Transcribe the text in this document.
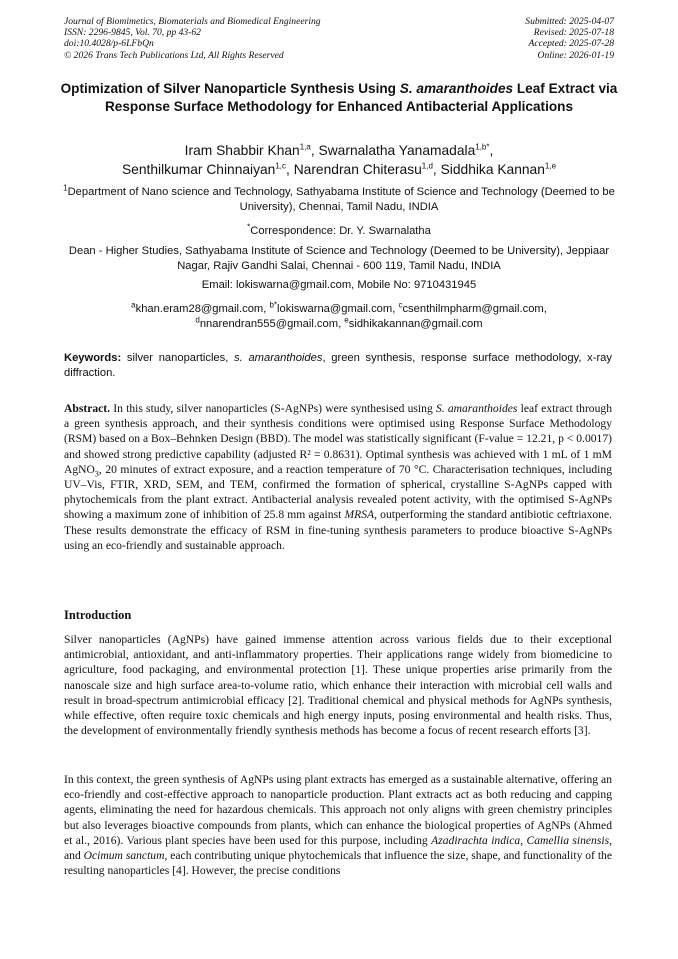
Journal of Biomimetics, Biomaterials and Biomedical Engineering
ISSN: 2296-9845, Vol. 70, pp 43-62
doi:10.4028/p-6LFbQn
© 2026 Trans Tech Publications Ltd, All Rights Reserved
Submitted: 2025-04-07
Revised: 2025-07-18
Accepted: 2025-07-28
Online: 2026-01-19
Optimization of Silver Nanoparticle Synthesis Using S. amaranthoides Leaf Extract via Response Surface Methodology for Enhanced Antibacterial Applications
Iram Shabbir Khan$^{1,a}$, Swarnalatha Yanamadala$^{1,b*}$,
Senthilkumar Chinnaiyan$^{1,c}$, Narendran Chiterasu$^{1,d}$, Siddhika Kannan$^{1,e}$
$^1$Department of Nano science and Technology, Sathyabama Institute of Science and Technology (Deemed to be University), Chennai, Tamil Nadu, INDIA
*Correspondence: Dr. Y. Swarnalatha
Dean - Higher Studies, Sathyabama Institute of Science and Technology (Deemed to be University), Jeppiaar Nagar, Rajiv Gandhi Salai, Chennai - 600 119, Tamil Nadu, INDIA
Email: lokiswarna@gmail.com, Mobile No: 9710431945
$^a$khan.eram28@gmail.com, $^{b*}$lokiswarna@gmail.com, $^c$csenthilmpharm@gmail.com,
$^d$nnarendran555@gmail.com, $^e$sidhikakannan@gmail.com
Keywords: silver nanoparticles, s. amaranthoides, green synthesis, response surface methodology, x-ray diffraction.
Abstract. In this study, silver nanoparticles (S-AgNPs) were synthesised using S. amaranthoides leaf extract through a green synthesis approach, and their synthesis conditions were optimised using Response Surface Methodology (RSM) based on a Box–Behnken Design (BBD). The model was statistically significant (F-value = 12.21, p < 0.0017) and showed strong predictive capability (adjusted R² = 0.8631). Optimal synthesis was achieved with 1 mL of 1 mM AgNO$_3$, 20 minutes of extract exposure, and a reaction temperature of 70 °C. Characterisation techniques, including UV–Vis, FTIR, XRD, SEM, and TEM, confirmed the formation of spherical, crystalline S-AgNPs capped with phytochemicals from the plant extract. Antibacterial analysis revealed potent activity, with the optimised S-AgNPs showing a maximum zone of inhibition of 25.8 mm against MRSA, outperforming the standard antibiotic ceftriaxone. These results demonstrate the efficacy of RSM in fine-tuning synthesis parameters to produce bioactive S-AgNPs using an eco-friendly and sustainable approach.
Introduction
Silver nanoparticles (AgNPs) have gained immense attention across various fields due to their exceptional antimicrobial, antioxidant, and anti-inflammatory properties. Their applications range widely from biomedicine to agriculture, food packaging, and environmental protection [1]. These unique properties arise primarily from the nanoscale size and high surface area-to-volume ratio, which enhance their interaction with microbial cell walls and result in broad-spectrum antimicrobial efficacy [2]. Traditional chemical and physical methods for AgNPs synthesis, while effective, often require toxic chemicals and high energy inputs, posing environmental and health risks. Thus, the development of environmentally friendly synthesis methods has become a focus of recent research efforts [3].
In this context, the green synthesis of AgNPs using plant extracts has emerged as a sustainable alternative, offering an eco-friendly and cost-effective approach to nanoparticle production. Plant extracts act as both reducing and capping agents, eliminating the need for hazardous chemicals. This approach not only aligns with green chemistry principles but also leverages bioactive compounds from plants, which can enhance the biological properties of AgNPs (Ahmed et al., 2016). Various plant species have been used for this purpose, including Azadirachta indica, Camellia sinensis, and Ocimum sanctum, each contributing unique phytochemicals that influence the size, shape, and functionality of the resulting nanoparticles [4]. However, the precise conditions
